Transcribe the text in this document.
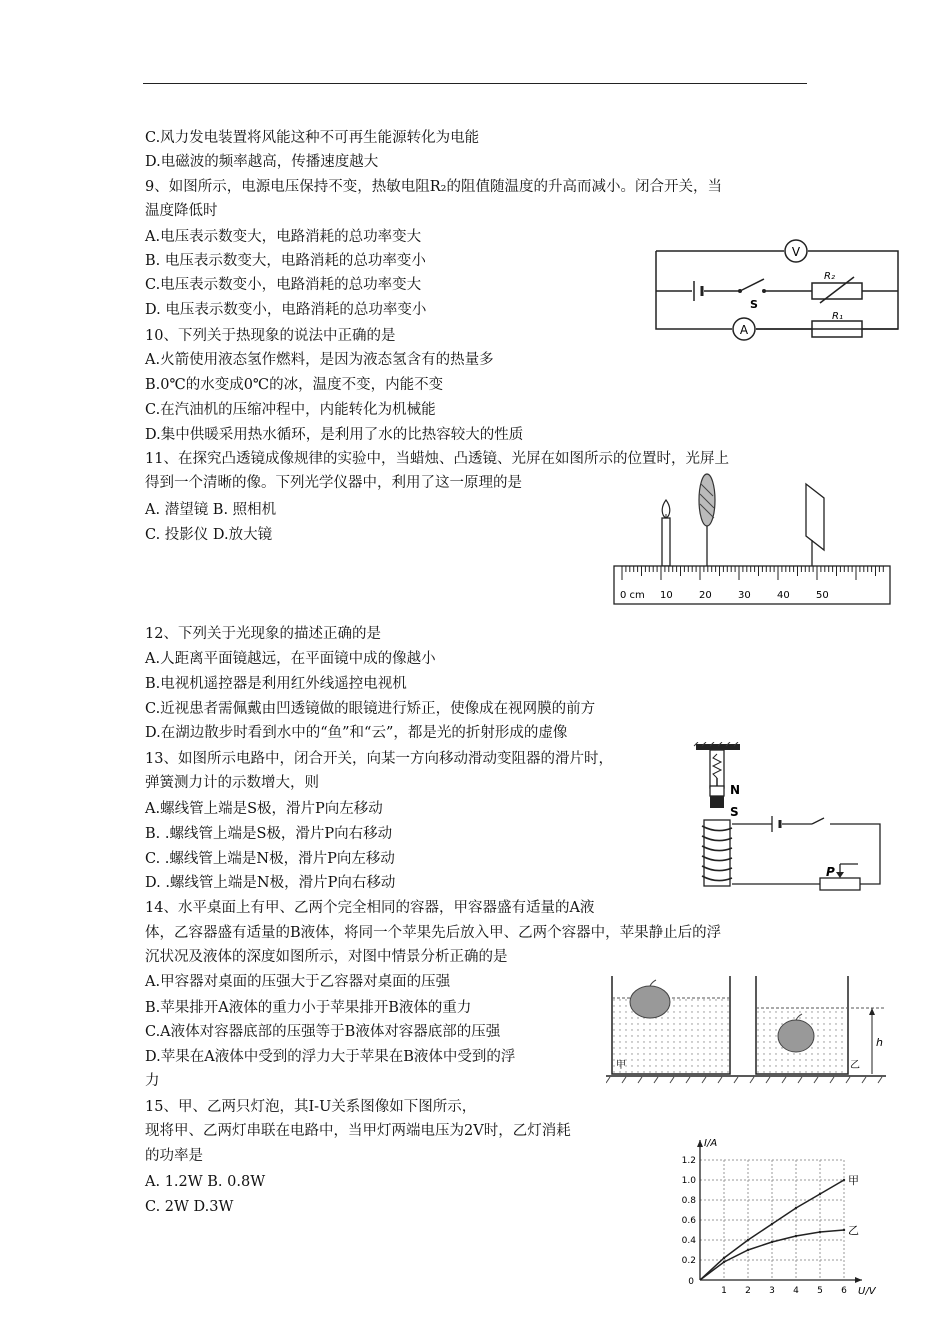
C.风力发电装置将风能这种不可再生能源转化为电能
D.电磁波的频率越高，传播速度越大
9、如图所示，电源电压保持不变，热敏电阻R₂的阻值随温度的升高而减小。闭合开关，当
温度降低时
A.电压表示数变大，电路消耗的总功率变大
B. 电压表示数变大，电路消耗的总功率变小
C.电压表示数变小，电路消耗的总功率变大
D. 电压表示数变小，电路消耗的总功率变小
10、下列关于热现象的说法中正确的是
A.火箭使用液态氢作燃料，是因为液态氢含有的热量多
B.0℃的水变成0℃的冰，温度不变，内能不变
C.在汽油机的压缩冲程中，内能转化为机械能
D.集中供暖采用热水循环，是利用了水的比热容较大的性质
11、在探究凸透镜成像规律的实验中，当蜡烛、凸透镜、光屏在如图所示的位置时，光屏上
得到一个清晰的像。下列光学仪器中，利用了这一原理的是
A. 潜望镜 B. 照相机
C. 投影仪 D.放大镜
12、下列关于光现象的描述正确的是
A.人距离平面镜越远，在平面镜中成的像越小
B.电视机遥控器是利用红外线遥控电视机
C.近视患者需佩戴由凹透镜做的眼镜进行矫正，使像成在视网膜的前方
D.在湖边散步时看到水中的“鱼”和“云”，都是光的折射形成的虚像
13、如图所示电路中，闭合开关，向某一方向移动滑动变阻器的滑片时，
弹簧测力计的示数增大，则
A.螺线管上端是S极，滑片P向左移动
B. .螺线管上端是S极，滑片P向右移动
C. .螺线管上端是N极，滑片P向左移动
D. .螺线管上端是N极，滑片P向右移动
14、水平桌面上有甲、乙两个完全相同的容器，甲容器盛有适量的A液
体，乙容器盛有适量的B液体，将同一个苹果先后放入甲、乙两个容器中，苹果静止后的浮
沉状况及液体的深度如图所示，对图中情景分析正确的是
A.甲容器对桌面的压强大于乙容器对桌面的压强
B.苹果排开A液体的重力小于苹果排开B液体的重力
C.A液体对容器底部的压强等于B液体对容器底部的压强
D.苹果在A液体中受到的浮力大于苹果在B液体中受到的浮
力
15、甲、乙两只灯泡，其I-U关系图像如下图所示，
现将甲、乙两灯串联在电路中，当甲灯两端电压为2V时，乙灯消耗
的功率是
A. 1.2W B. 0.8W
C. 2W D.3W
V
A
S
R₂
R₁
0 cm 10	20	30	40	50
N
S
P
h
甲	乙
1 2 3 4 5 6
0.2
0.4
0.6
0.8
1.0
1.2
0
U/V
I/A
甲
乙
